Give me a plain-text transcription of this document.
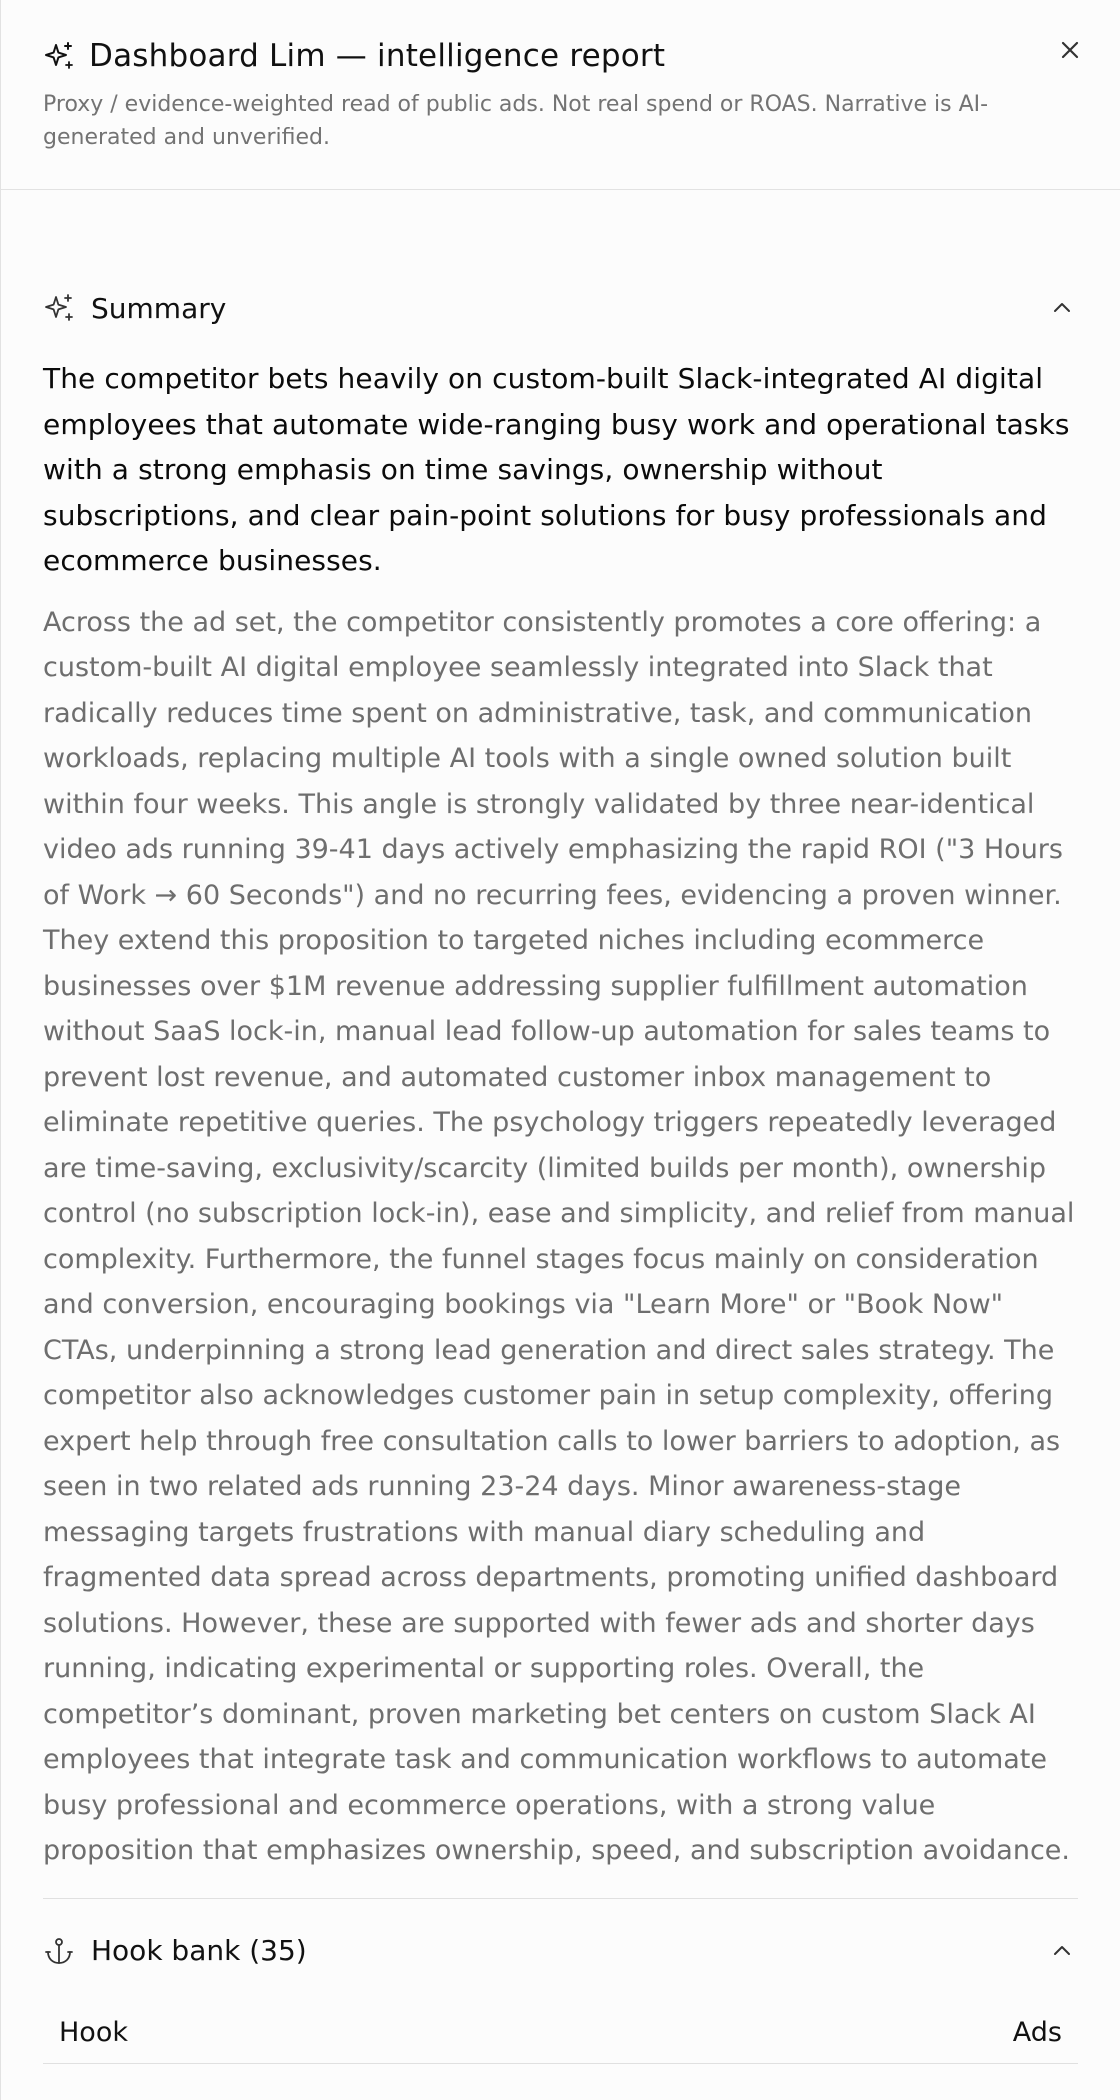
Dashboard Lim — intelligence report
Proxy / evidence-weighted read of public ads. Not real spend or ROAS. Narrative is AI-generated and unverified.
Summary
The competitor bets heavily on custom-built Slack-integrated AI digital employees that automate wide-ranging busy work and operational tasks with a strong emphasis on time savings, ownership without subscriptions, and clear pain-point solutions for busy professionals and ecommerce businesses.
Across the ad set, the competitor consistently promotes a core offering: a custom-built AI digital employee seamlessly integrated into Slack that radically reduces time spent on administrative, task, and communication workloads, replacing multiple AI tools with a single owned solution built within four weeks. This angle is strongly validated by three near-identical video ads running 39-41 days actively emphasizing the rapid ROI ("3 Hours of Work → 60 Seconds") and no recurring fees, evidencing a proven winner. They extend this proposition to targeted niches including ecommerce businesses over $1M revenue addressing supplier fulfillment automation without SaaS lock-in, manual lead follow-up automation for sales teams to prevent lost revenue, and automated customer inbox management to eliminate repetitive queries. The psychology triggers repeatedly leveraged are time-saving, exclusivity/scarcity (limited builds per month), ownership control (no subscription lock-in), ease and simplicity, and relief from manual complexity. Furthermore, the funnel stages focus mainly on consideration and conversion, encouraging bookings via "Learn More" or "Book Now" CTAs, underpinning a strong lead generation and direct sales strategy. The competitor also acknowledges customer pain in setup complexity, offering expert help through free consultation calls to lower barriers to adoption, as seen in two related ads running 23-24 days. Minor awareness-stage messaging targets frustrations with manual diary scheduling and fragmented data spread across departments, promoting unified dashboard solutions. However, these are supported with fewer ads and shorter days running, indicating experimental or supporting roles. Overall, the competitor’s dominant, proven marketing bet centers on custom Slack AI employees that integrate task and communication workflows to automate busy professional and ecommerce operations, with a strong value proposition that emphasizes ownership, speed, and subscription avoidance.
Hook bank (35)
Hook	Ads
